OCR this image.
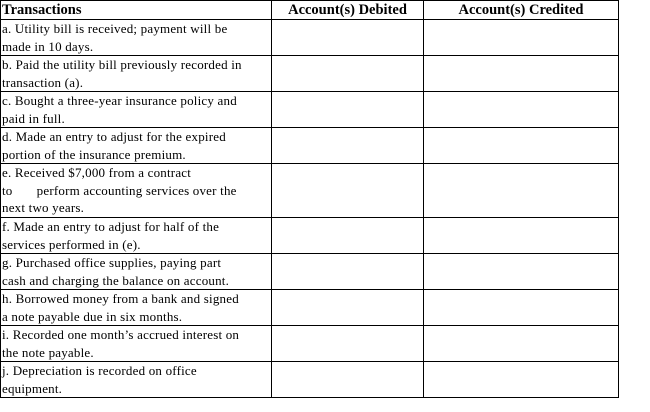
Transactions	Account(s) Debited	Account(s) Credited
a. Utility bill is received; payment will be
made in 10 days.		
b. Paid the utility bill previously recorded in
transaction (a).		
c. Bought a three-year insurance policy and
paid in full.		
d. Made an entry to adjust for the expired
portion of the insurance premium.		
e. Received $7,000 from a contract
to       perform accounting services over the
next two years.		
f. Made an entry to adjust for half of the
services performed in (e).		
g. Purchased office supplies, paying part
cash and charging the balance on account.		
h. Borrowed money from a bank and signed
a note payable due in six months.		
i. Recorded one month’s accrued interest on
the note payable.		
j. Depreciation is recorded on office
equipment.		
